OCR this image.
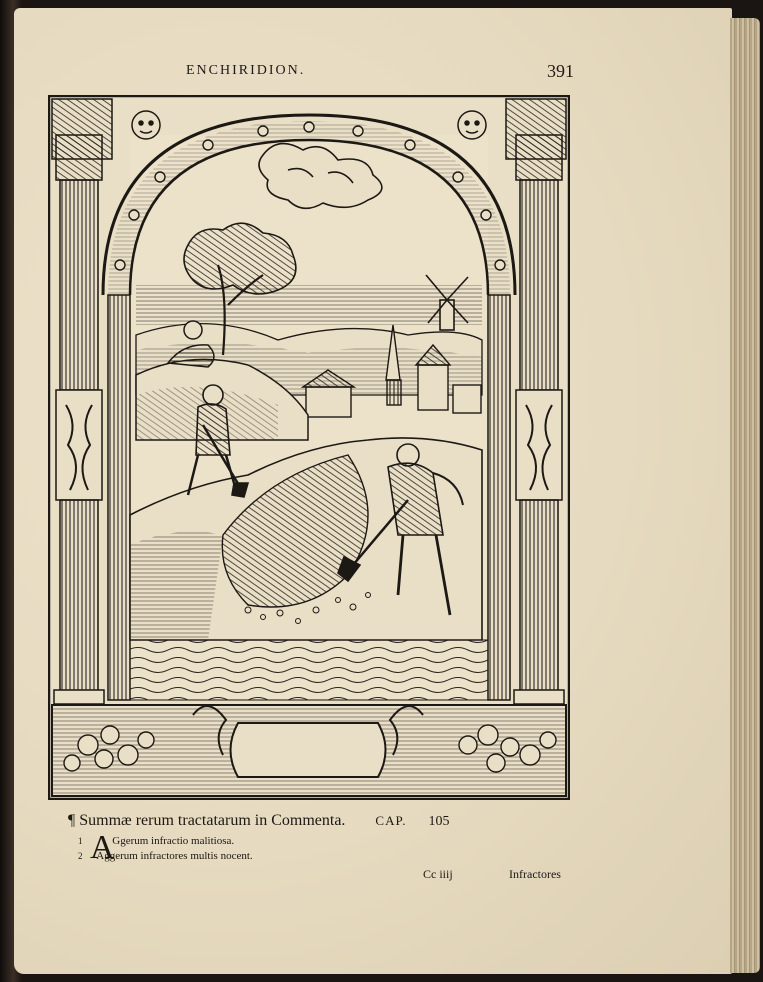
ENCHIRIDION.	391
¶ Summæ rerum tractatarum in Commenta. CAP. 105
A
1	Ggerum infractio malitiosa.
2 Aggerum infractores multis nocent.
Cc iiij	Infractores
